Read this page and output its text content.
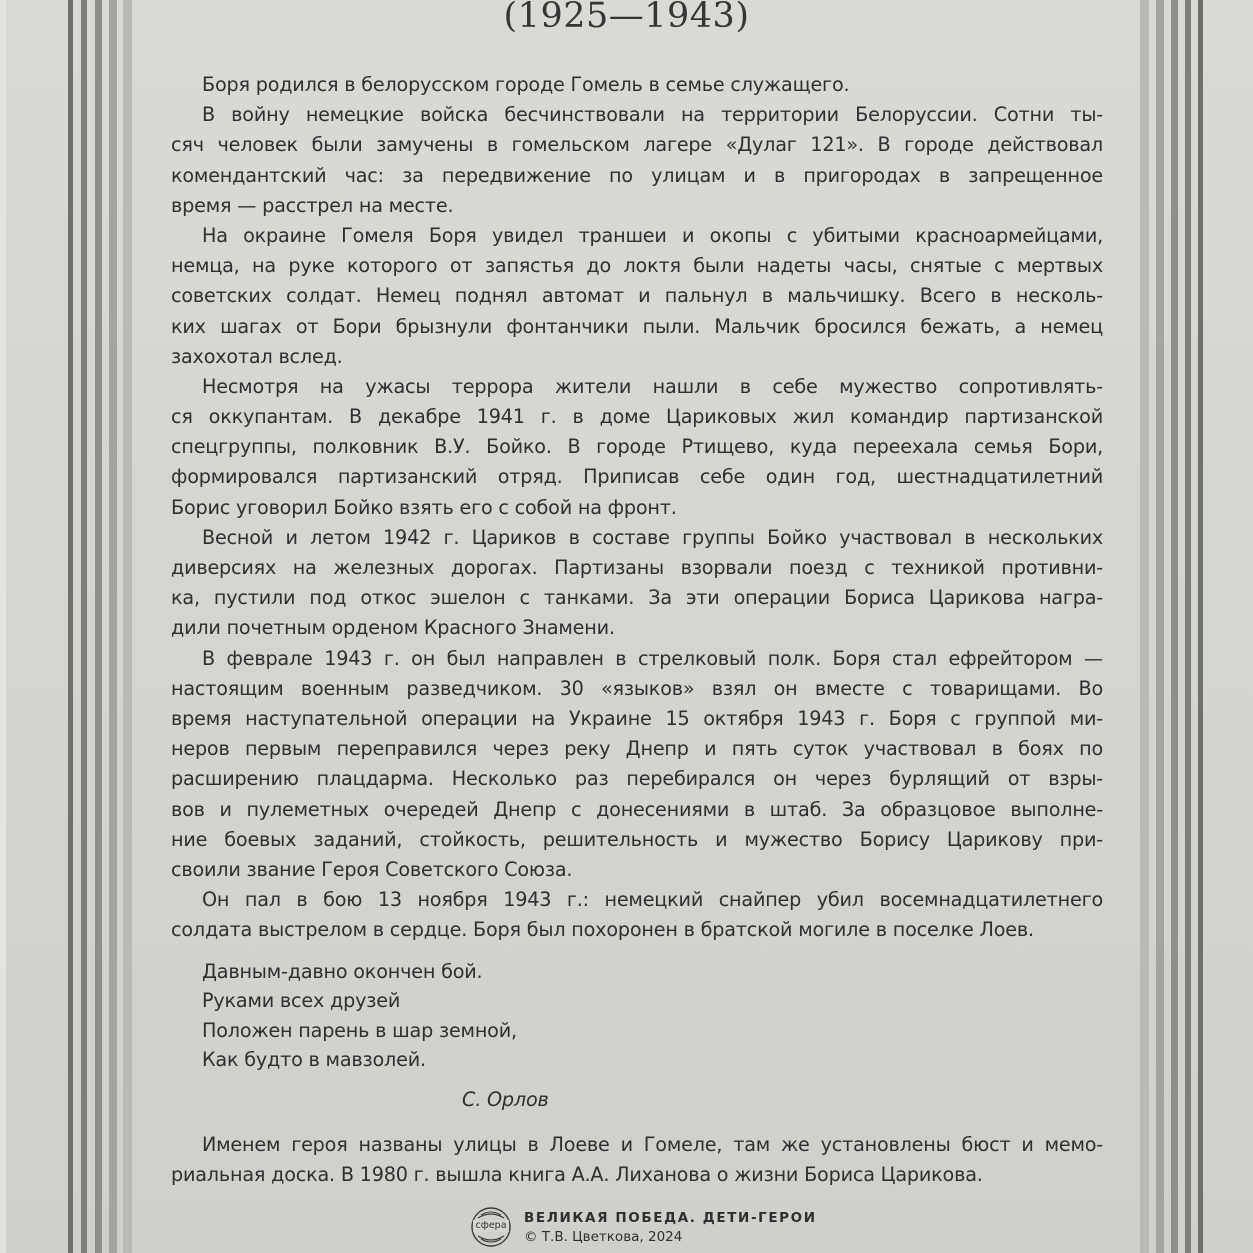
(1925—1943)
Боря родился в белорусском городе Гомель в семье служащего.
В войну немецкие войска бесчинствовали на территории Белоруссии. Сотни ты-
сяч человек были замучены в гомельском лагере «Дулаг 121». В городе действовал
комендантский час: за передвижение по улицам и в пригородах в запрещенное
время — расстрел на месте.
На окраине Гомеля Боря увидел траншеи и окопы с убитыми красноармейцами,
немца, на руке которого от запястья до локтя были надеты часы, снятые с мертвых
советских солдат. Немец поднял автомат и пальнул в мальчишку. Всего в несколь-
ких шагах от Бори брызнули фонтанчики пыли. Мальчик бросился бежать, а немец
захохотал вслед.
Несмотря на ужасы террора жители нашли в себе мужество сопротивлять-
ся оккупантам. В декабре 1941 г. в доме Цариковых жил командир партизанской
спецгруппы, полковник В.У. Бойко. В городе Ртищево, куда переехала семья Бори,
формировался партизанский отряд. Приписав себе один год, шестнадцатилетний
Борис уговорил Бойко взять его с собой на фронт.
Весной и летом 1942 г. Цариков в составе группы Бойко участвовал в нескольких
диверсиях на железных дорогах. Партизаны взорвали поезд с техникой противни-
ка, пустили под откос эшелон с танками. За эти операции Бориса Царикова награ-
дили почетным орденом Красного Знамени.
В феврале 1943 г. он был направлен в стрелковый полк. Боря стал ефрейтором —
настоящим военным разведчиком. 30 «языков» взял он вместе с товарищами. Во
время наступательной операции на Украине 15 октября 1943 г. Боря с группой ми-
неров первым переправился через реку Днепр и пять суток участвовал в боях по
расширению плацдарма. Несколько раз перебирался он через бурлящий от взры-
вов и пулеметных очередей Днепр с донесениями в штаб. За образцовое выполне-
ние боевых заданий, стойкость, решительность и мужество Борису Царикову при-
своили звание Героя Советского Союза.
Он пал в бою 13 ноября 1943 г.: немецкий снайпер убил восемнадцатилетнего
солдата выстрелом в сердце. Боря был похоронен в братской могиле в поселке Лоев.
Давным-давно окончен бой.
Руками всех друзей
Положен парень в шар земной,
Как будто в мавзолей.
С. Орлов
Именем героя названы улицы в Лоеве и Гомеле, там же установлены бюст и мемо-
риальная доска. В 1980 г. вышла книга А.А. Лиханова о жизни Бориса Царикова.
сфера ВЕЛИКАЯ ПОБЕДА. ДЕТИ-ГЕРОИ
© Т.В. Цветкова, 2024
